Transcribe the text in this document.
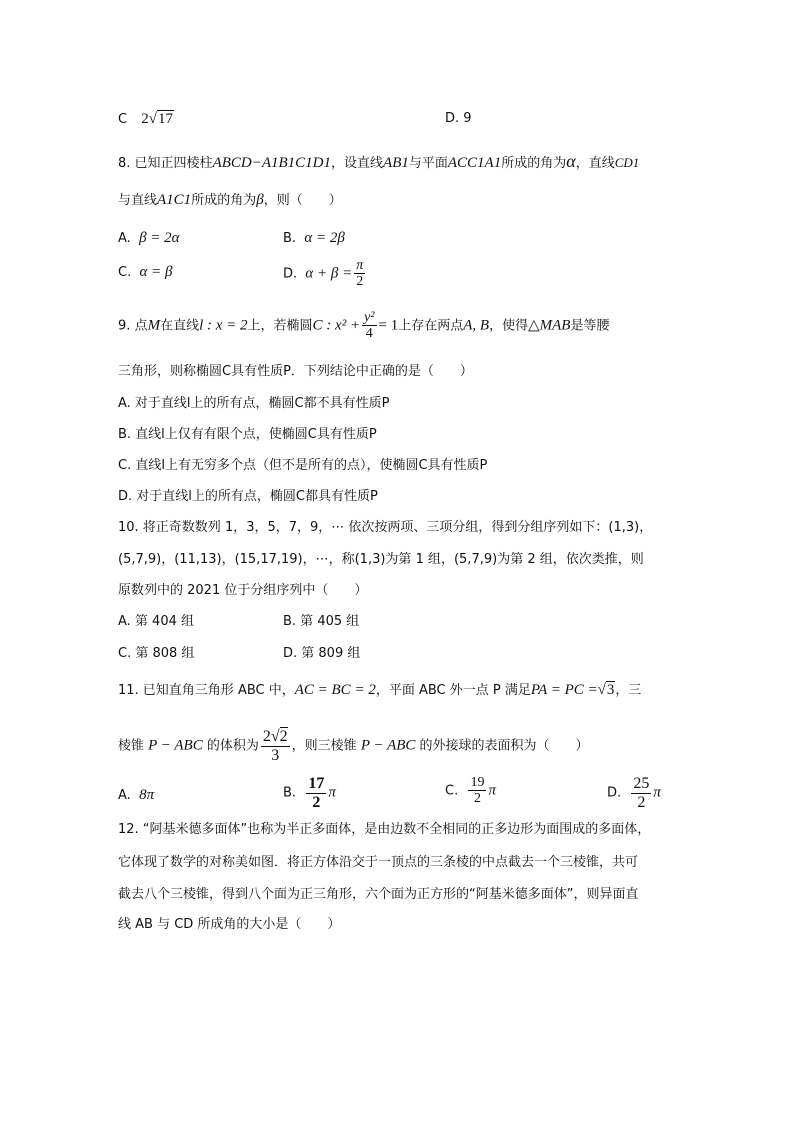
C 2√17	D. 9
8. 已知正四棱柱ABCD−A1B1C1D1，设直线AB1与平面ACC1A1所成的角为α，直线CD1
与直线A1C1所成的角为β，则（　　）
A. β = 2α	B. α = 2β
C. α = β	D. $\alpha + \beta = \frac{\pi}{2}$
9. 点M在直线l : x = 2上，若椭圆C : $x^2 + \frac{\text{y²}}{4} = 1$上存在两点A, B，使得△MAB是等腰
三角形，则称椭圆C具有性质P．下列结论中正确的是（　　）
A. 对于直线l上的所有点，椭圆C都不具有性质P
B. 直线l上仅有有限个点，使椭圆C具有性质P
C. 直线l上有无穷多个点（但不是所有的点），使椭圆C具有性质P
D. 对于直线l上的所有点，椭圆C都具有性质P
10. 将正奇数数列 1，3，5，7，9，⋯ 依次按两项、三项分组，得到分组序列如下：(1,3)，
(5,7,9)，(11,13)，(15,17,19)，⋯，称(1,3)为第 1 组，(5,7,9)为第 2 组，依次类推，则
原数列中的 2021 位于分组序列中（　　）
A. 第 404 组	B. 第 405 组
C. 第 808 组	D. 第 809 组
11. 已知直角三角形 ABC 中，AC = BC = 2，平面 ABC 外一点 P 满足PA = PC =√3，三
棱锥 P − ABC 的体积为 $\frac{2√2}{3}$ ，则三棱锥 P − ABC 的外接球的表面积为（　　）
A. 8π	B. $\frac{17}{2}$ π	C. $\frac{19}{2}$ π	D. $\frac{25}{2}$ π
12. “阿基米德多面体”也称为半正多面体，是由边数不全相同的正多边形为面围成的多面体，
它体现了数学的对称美如图．将正方体沿交于一顶点的三条棱的中点截去一个三棱锥，共可
截去八个三棱锥，得到八个面为正三角形，六个面为正方形的“阿基米德多面体”，则异面直
线 AB 与 CD 所成角的大小是（　　）
